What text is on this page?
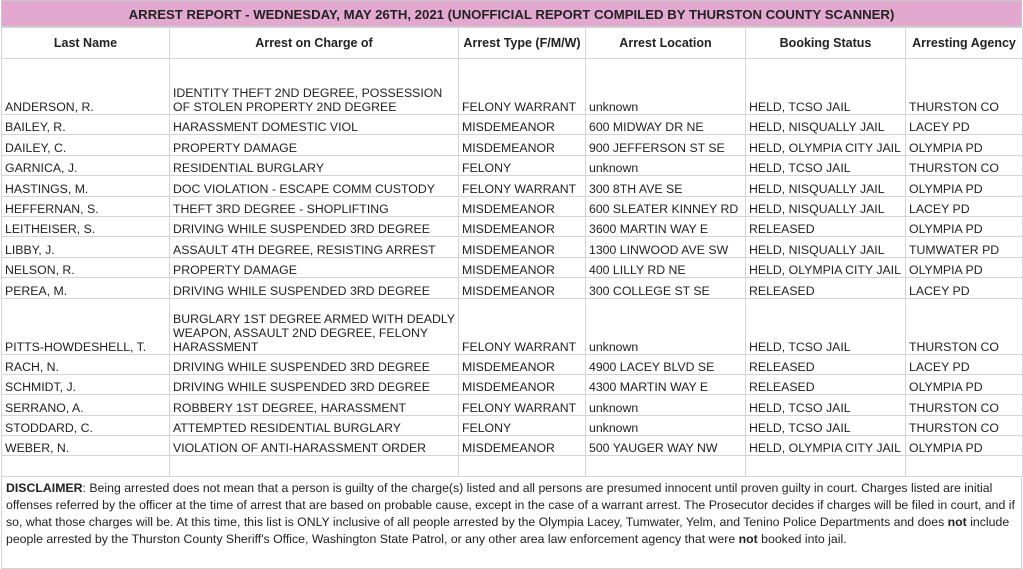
ARREST REPORT - WEDNESDAY, MAY 26TH, 2021 (UNOFFICIAL REPORT COMPILED BY THURSTON COUNTY SCANNER)
Last Name	Arrest on Charge of	Arrest Type (F/M/W)	Arrest Location	Booking Status	Arresting Agency
ANDERSON, R.	IDENTITY THEFT 2ND DEGREE, POSSESSION OF STOLEN PROPERTY 2ND DEGREE	FELONY WARRANT	unknown	HELD, TCSO JAIL	THURSTON CO
BAILEY, R.	HARASSMENT DOMESTIC VIOL	MISDEMEANOR	600 MIDWAY DR NE	HELD, NISQUALLY JAIL	LACEY PD
DAILEY, C.	PROPERTY DAMAGE	MISDEMEANOR	900 JEFFERSON ST SE	HELD, OLYMPIA CITY JAIL	OLYMPIA PD
GARNICA, J.	RESIDENTIAL BURGLARY	FELONY	unknown	HELD, TCSO JAIL	THURSTON CO
HASTINGS, M.	DOC VIOLATION - ESCAPE COMM CUSTODY	FELONY WARRANT	300 8TH AVE SE	HELD, NISQUALLY JAIL	OLYMPIA PD
HEFFERNAN, S.	THEFT 3RD DEGREE - SHOPLIFTING	MISDEMEANOR	600 SLEATER KINNEY RD	HELD, NISQUALLY JAIL	LACEY PD
LEITHEISER, S.	DRIVING WHILE SUSPENDED 3RD DEGREE	MISDEMEANOR	3600 MARTIN WAY E	RELEASED	OLYMPIA PD
LIBBY, J.	ASSAULT 4TH DEGREE, RESISTING ARREST	MISDEMEANOR	1300 LINWOOD AVE SW	HELD, NISQUALLY JAIL	TUMWATER PD
NELSON, R.	PROPERTY DAMAGE	MISDEMEANOR	400 LILLY RD NE	HELD, OLYMPIA CITY JAIL	OLYMPIA PD
PEREA, M.	DRIVING WHILE SUSPENDED 3RD DEGREE	MISDEMEANOR	300 COLLEGE ST SE	RELEASED	LACEY PD
PITTS-HOWDESHELL, T.	BURGLARY 1ST DEGREE ARMED WITH DEADLY WEAPON, ASSAULT 2ND DEGREE, FELONY HARASSMENT	FELONY WARRANT	unknown	HELD, TCSO JAIL	THURSTON CO
RACH, N.	DRIVING WHILE SUSPENDED 3RD DEGREE	MISDEMEANOR	4900 LACEY BLVD SE	RELEASED	LACEY PD
SCHMIDT, J.	DRIVING WHILE SUSPENDED 3RD DEGREE	MISDEMEANOR	4300 MARTIN WAY E	RELEASED	OLYMPIA PD
SERRANO, A.	ROBBERY 1ST DEGREE, HARASSMENT	FELONY WARRANT	unknown	HELD, TCSO JAIL	THURSTON CO
STODDARD, C.	ATTEMPTED RESIDENTIAL BURGLARY	FELONY	unknown	HELD, TCSO JAIL	THURSTON CO
WEBER, N.	VIOLATION OF ANTI-HARASSMENT ORDER	MISDEMEANOR	500 YAUGER WAY NW	HELD, OLYMPIA CITY JAIL	OLYMPIA PD

DISCLAIMER: Being arrested does not mean that a person is guilty of the charge(s) listed and all persons are presumed innocent until proven guilty in court. Charges listed are initial offenses referred by the officer at the time of arrest that are based on probable cause, except in the case of a warrant arrest. The Prosecutor decides if charges will be filed in court, and if so, what those charges will be. At this time, this list is ONLY inclusive of all people arrested by the Olympia Lacey, Tumwater, Yelm, and Tenino Police Departments and does not include people arrested by the Thurston County Sheriff's Office, Washington State Patrol, or any other area law enforcement agency that were not booked into jail.
